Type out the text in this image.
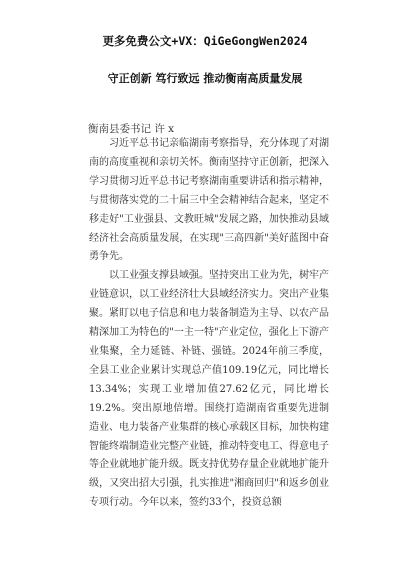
更多免费公文+VX：QiGeGongWen2024
守正创新 笃行致远 推动衡南高质量发展
衡南县委书记 许 x

习近平总书记亲临湖南考察指导，充分体现了对湖南的高度重视和亲切关怀。衡南坚持守正创新，把深入学习贯彻习近平总书记考察湖南重要讲话和指示精神，与贯彻落实党的二十届三中全会精神结合起来，坚定不移走好"工业强县、文教旺城"发展之路，加快推动县域经济社会高质量发展，在实现"三高四新"美好蓝图中奋勇争先。

以工业强支撑县域强。坚持突出工业为先，树牢产业链意识，以工业经济壮大县域经济实力。突出产业集聚。紧盯以电子信息和电力装备制造为主导、以农产品精深加工为特色的"一主一特"产业定位，强化上下游产业集聚，全力延链、补链、强链。2024年前三季度，全县工业企业累计实现总产值109.19亿元，同比增长13.34%；实现工业增加值27.62亿元，同比增长19.2%。突出原地倍增。围绕打造湖南省重要先进制造业、电力装备产业集群的核心承载区目标，加快构建智能终端制造业完整产业链，推动特变电工、得意电子等企业就地扩能升级。既支持优势存量企业就地扩能升级，又突出招大引强，扎实推进"湘商回归"和返乡创业专项行动。今年以来，签约33个，投资总额
